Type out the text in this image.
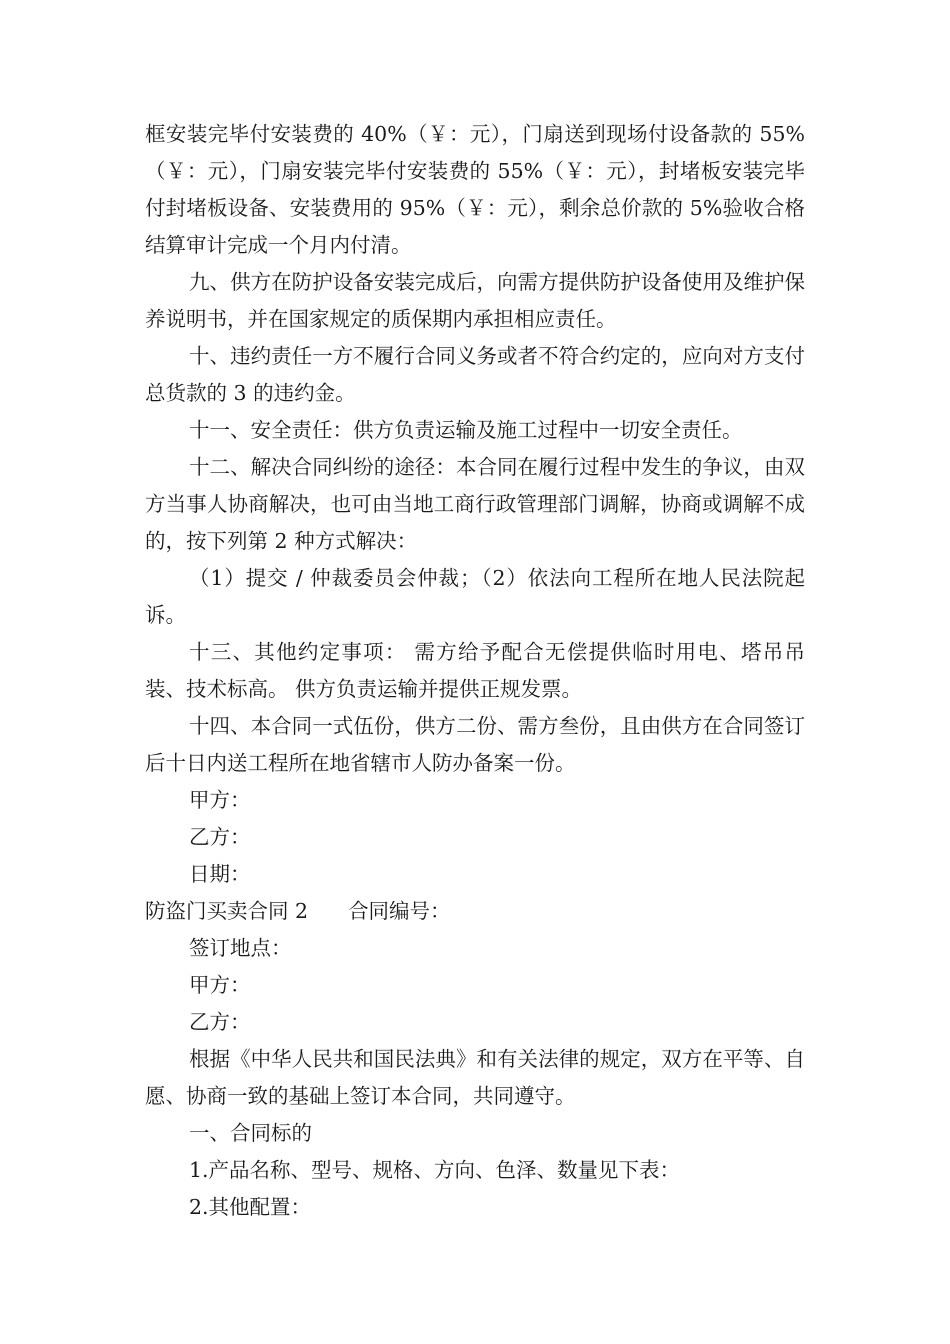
框安装完毕付安装费的 40%（￥：元），门扇送到现场付设备款的 55%（￥：元），门扇安装完毕付安装费的 55%（￥：元），封堵板安装完毕付封堵板设备、安装费用的 95%（￥：元），剩余总价款的 5%验收合格结算审计完成一个月内付清。

九、供方在防护设备安装完成后，向需方提供防护设备使用及维护保养说明书，并在国家规定的质保期内承担相应责任。

十、违约责任一方不履行合同义务或者不符合约定的，应向对方支付总货款的 3 的违约金。

十一、安全责任：供方负责运输及施工过程中一切安全责任。

十二、解决合同纠纷的途径：本合同在履行过程中发生的争议，由双方当事人协商解决，也可由当地工商行政管理部门调解，协商或调解不成的，按下列第 2 种方式解决：

（1）提交 / 仲裁委员会仲裁；（2）依法向工程所在地人民法院起诉。

十三、其他约定事项： 需方给予配合无偿提供临时用电、塔吊吊装、技术标高。 供方负责运输并提供正规发票。

十四、本合同一式伍份，供方二份、需方叁份，且由供方在合同签订后十日内送工程所在地省辖市人防办备案一份。

甲方：

乙方：

日期：

防盗门买卖合同 2 合同编号：

签订地点：

甲方：

乙方：

根据《中华人民共和国民法典》和有关法律的规定，双方在平等、自愿、协商一致的基础上签订本合同，共同遵守。

一、合同标的

1.产品名称、型号、规格、方向、色泽、数量见下表：

2.其他配置：
